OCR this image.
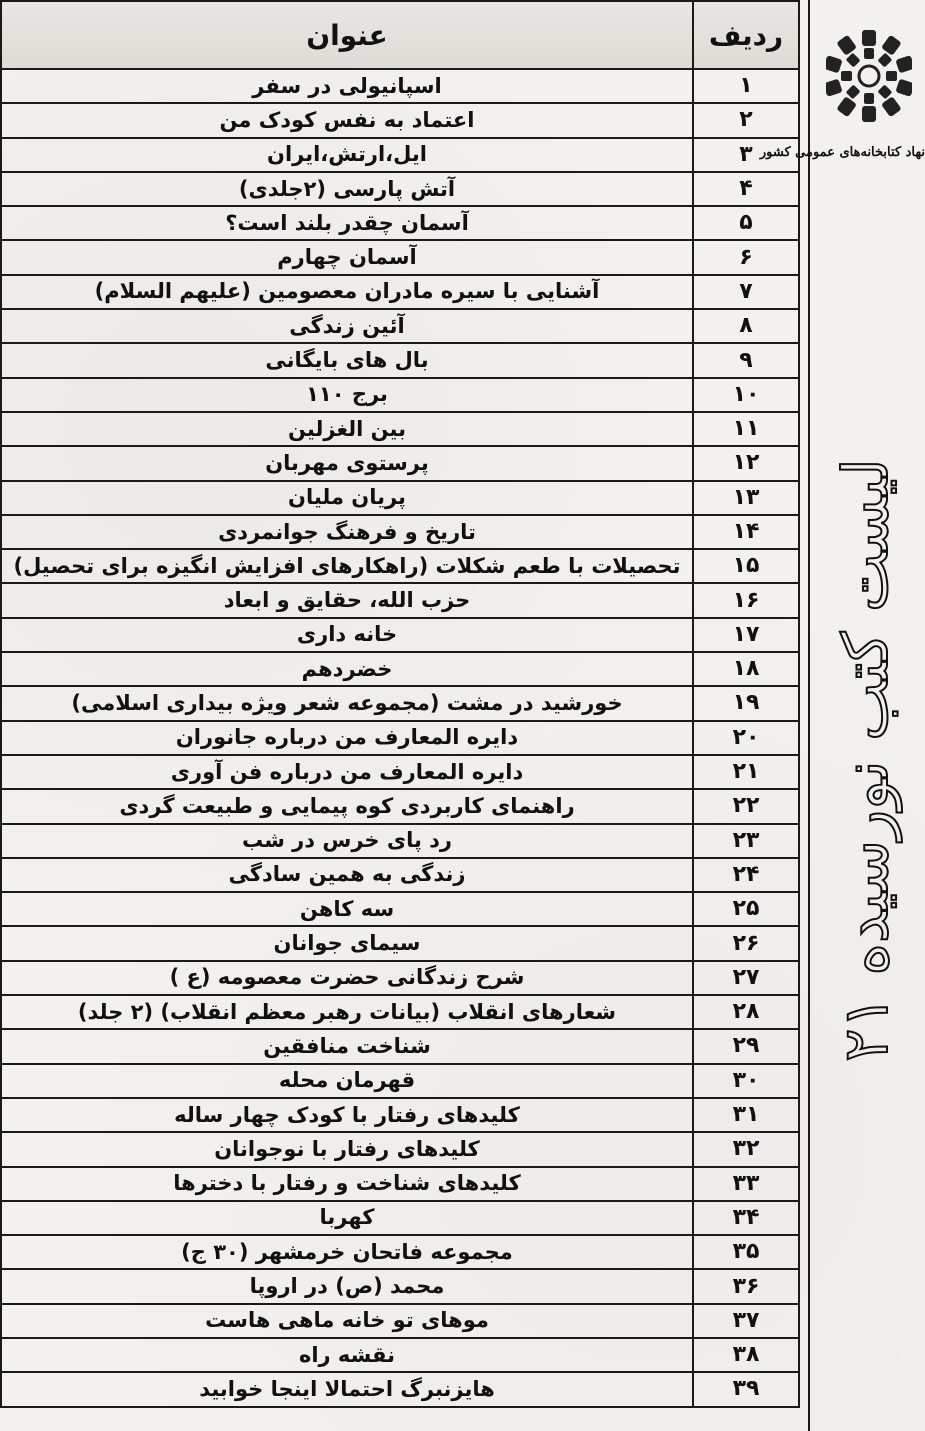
ردیف	عنوان
۱	اسپانیولی در سفر
۲	اعتماد به نفس کودک من
۳	ایل،ارتش،ایران
۴	آتش پارسی (۲جلدی)
۵	آسمان چقدر بلند است؟
۶	آسمان چهارم
۷	آشنایی با سیره مادران معصومین (علیهم السلام)
۸	آئین زندگی
۹	بال های بایگانی
۱۰	برج ۱۱۰
۱۱	بین الغزلین
۱۲	پرستوی مهربان
۱۳	پریان ملیان
۱۴	تاریخ و فرهنگ جوانمردی
۱۵	تحصیلات با طعم شکلات (راهکارهای افزایش انگیزه برای تحصیل)
۱۶	حزب الله، حقایق و ابعاد
۱۷	خانه داری
۱۸	خضردهم
۱۹	خورشید در مشت (مجموعه شعر ویژه بیداری اسلامی)
۲۰	دایره المعارف من درباره جانوران
۲۱	دایره المعارف من درباره فن آوری
۲۲	راهنمای کاربردی کوه پیمایی و طبیعت گردی
۲۳	رد پای خرس در شب
۲۴	زندگی به همین سادگی
۲۵	سه کاهن
۲۶	سیمای جوانان
۲۷	شرح زندگانی حضرت معصومه (ع )
۲۸	شعارهای انقلاب (بیانات رهبر معظم انقلاب) (۲ جلد)
۲۹	شناخت منافقین
۳۰	قهرمان محله
۳۱	کلیدهای رفتار با کودک چهار ساله
۳۲	کلیدهای رفتار با نوجوانان
۳۳	کلیدهای شناخت و رفتار با دخترها
۳۴	کهربا
۳۵	مجموعه فاتحان خرمشهر (۳۰ ج)
۳۶	محمد (ص) در اروپا
۳۷	موهای تو خانه ماهی هاست
۳۸	نقشه راه
۳۹	هایزنبرگ احتمالا اینجا خوابید
نهاد کتابخانه‌های عمومی کشور
لیست کتب نورسیده ۲۱
